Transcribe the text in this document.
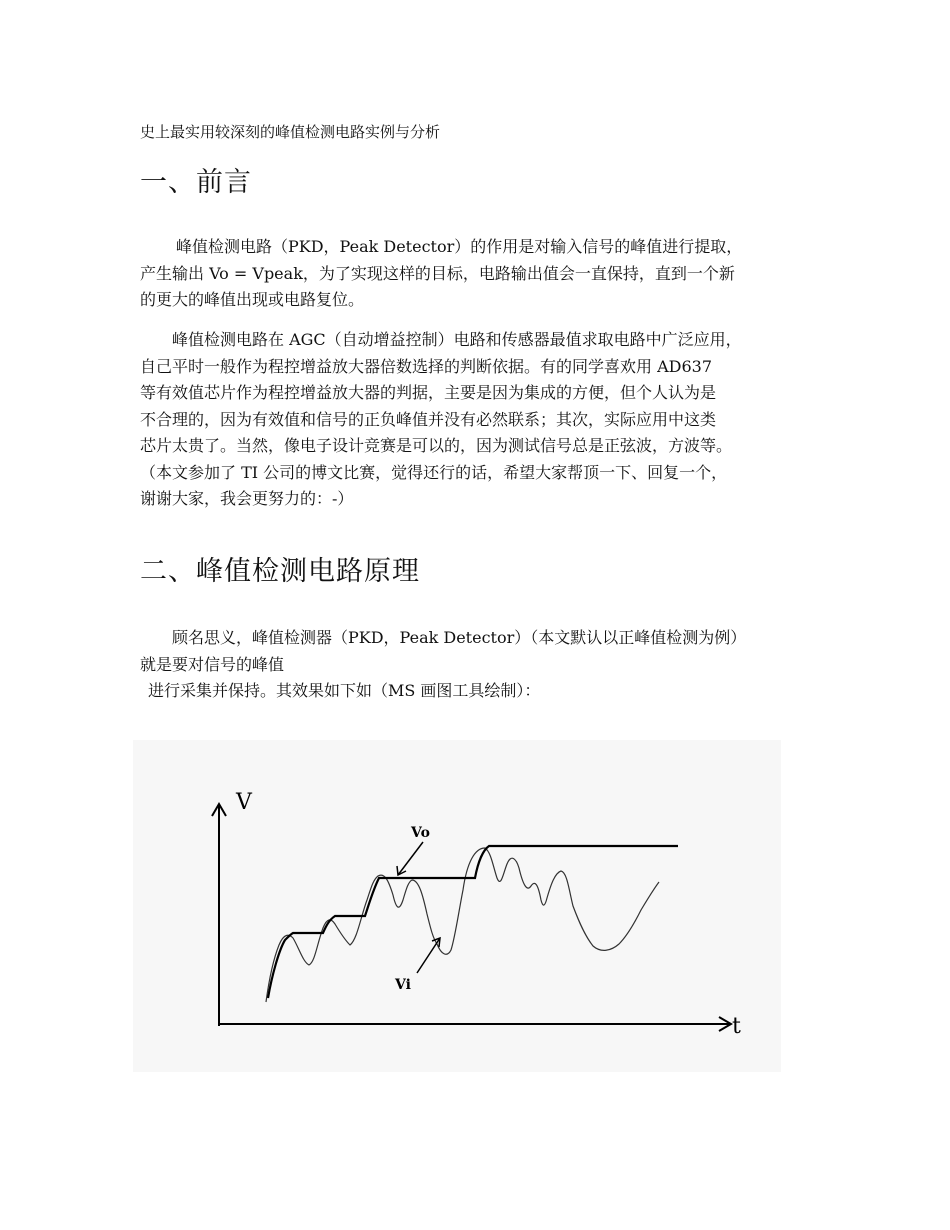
史上最实用较深刻的峰值检测电路实例与分析
一、前言
峰值检测电路（PKD，Peak Detector）的作用是对输入信号的峰值进行提取，
产生输出 Vo = Vpeak，为了实现这样的目标，电路输出值会一直保持，直到一个新
的更大的峰值出现或电路复位。
峰值检测电路在 AGC（自动增益控制）电路和传感器最值求取电路中广泛应用，
自己平时一般作为程控增益放大器倍数选择的判断依据。有的同学喜欢用 AD637
等有效值芯片作为程控增益放大器的判据，主要是因为集成的方便，但个人认为是
不合理的，因为有效值和信号的正负峰值并没有必然联系；其次，实际应用中这类
芯片太贵了。当然，像电子设计竞赛是可以的，因为测试信号总是正弦波，方波等。
（本文参加了 TI 公司的博文比赛，觉得还行的话，希望大家帮顶一下、回复一个，
谢谢大家，我会更努力的：-）
二、峰值检测电路原理
顾名思义，峰值检测器（PKD，Peak Detector）（本文默认以正峰值检测为例）
就是要对信号的峰值
进行采集并保持。其效果如下如（MS 画图工具绘制）：
V
t
Vo
Vi
